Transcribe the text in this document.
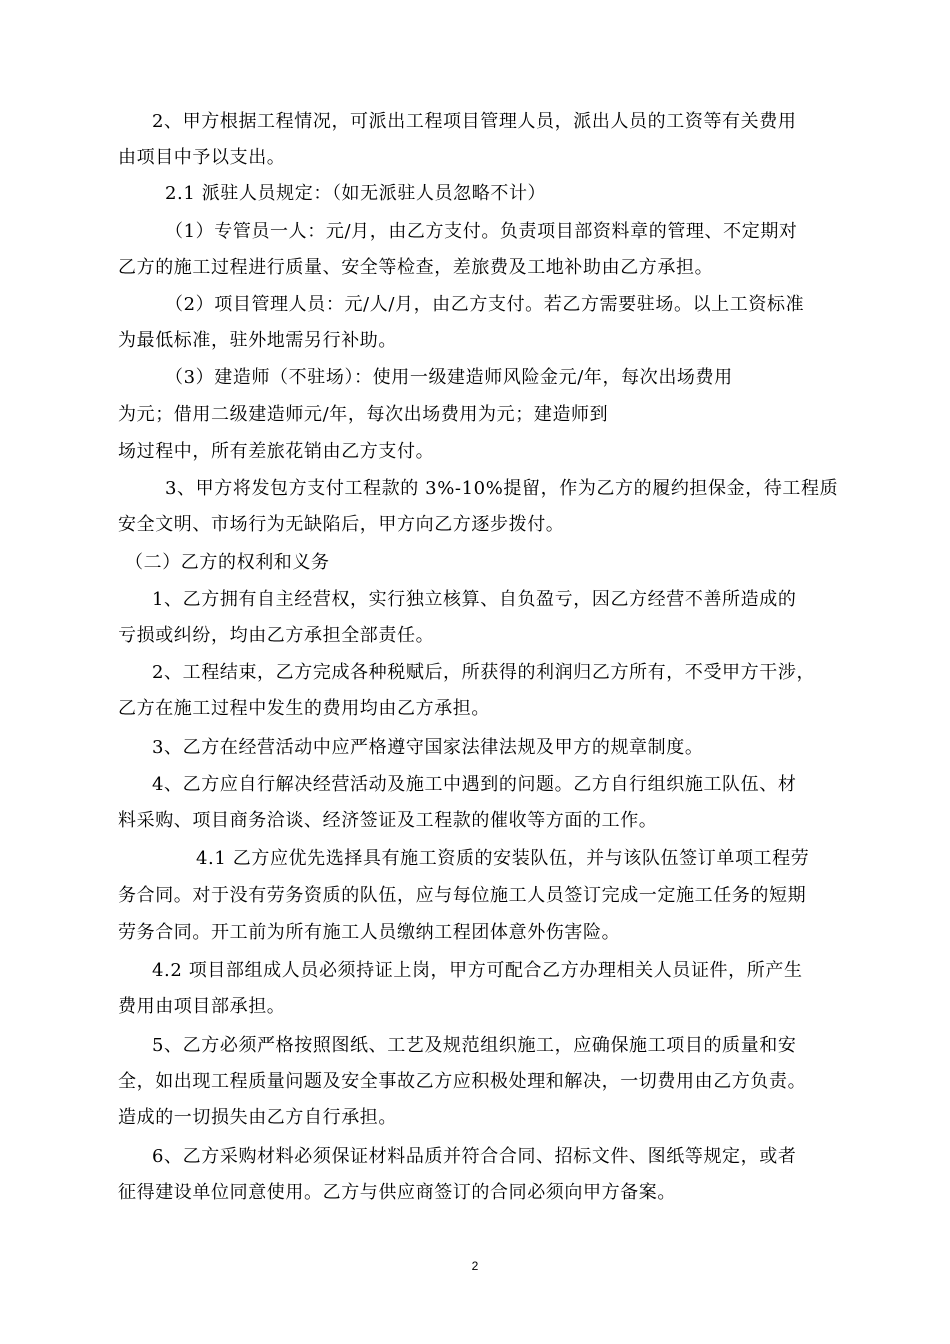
2、甲方根据工程情况，可派出工程项目管理人员，派出人员的工资等有关费用
由项目中予以支出。
2.1 派驻人员规定：（如无派驻人员忽略不计）
（1）专管员一人：元/月，由乙方支付。负责项目部资料章的管理、不定期对
乙方的施工过程进行质量、安全等检查，差旅费及工地补助由乙方承担。
（2）项目管理人员：元/人/月，由乙方支付。若乙方需要驻场。以上工资标准
为最低标准，驻外地需另行补助。
（3）建造师（不驻场）：使用一级建造师风险金元/年，每次出场费用
为元；借用二级建造师元/年，每次出场费用为元；建造师到
场过程中，所有差旅花销由乙方支付。
3、甲方将发包方支付工程款的 3%-10%提留，作为乙方的履约担保金，待工程质
安全文明、市场行为无缺陷后，甲方向乙方逐步拨付。
（二）乙方的权利和义务
1、乙方拥有自主经营权，实行独立核算、自负盈亏，因乙方经营不善所造成的
亏损或纠纷，均由乙方承担全部责任。
2、工程结束，乙方完成各种税赋后，所获得的利润归乙方所有，不受甲方干涉，
乙方在施工过程中发生的费用均由乙方承担。
3、乙方在经营活动中应严格遵守国家法律法规及甲方的规章制度。
4、乙方应自行解决经营活动及施工中遇到的问题。乙方自行组织施工队伍、材
料采购、项目商务洽谈、经济签证及工程款的催收等方面的工作。
4.1 乙方应优先选择具有施工资质的安装队伍，并与该队伍签订单项工程劳
务合同。对于没有劳务资质的队伍，应与每位施工人员签订完成一定施工任务的短期
劳务合同。开工前为所有施工人员缴纳工程团体意外伤害险。
4.2 项目部组成人员必须持证上岗，甲方可配合乙方办理相关人员证件，所产生
费用由项目部承担。
5、乙方必须严格按照图纸、工艺及规范组织施工，应确保施工项目的质量和安
全，如出现工程质量问题及安全事故乙方应积极处理和解决，一切费用由乙方负责。
造成的一切损失由乙方自行承担。
6、乙方采购材料必须保证材料品质并符合合同、招标文件、图纸等规定，或者
征得建设单位同意使用。乙方与供应商签订的合同必须向甲方备案。
2
